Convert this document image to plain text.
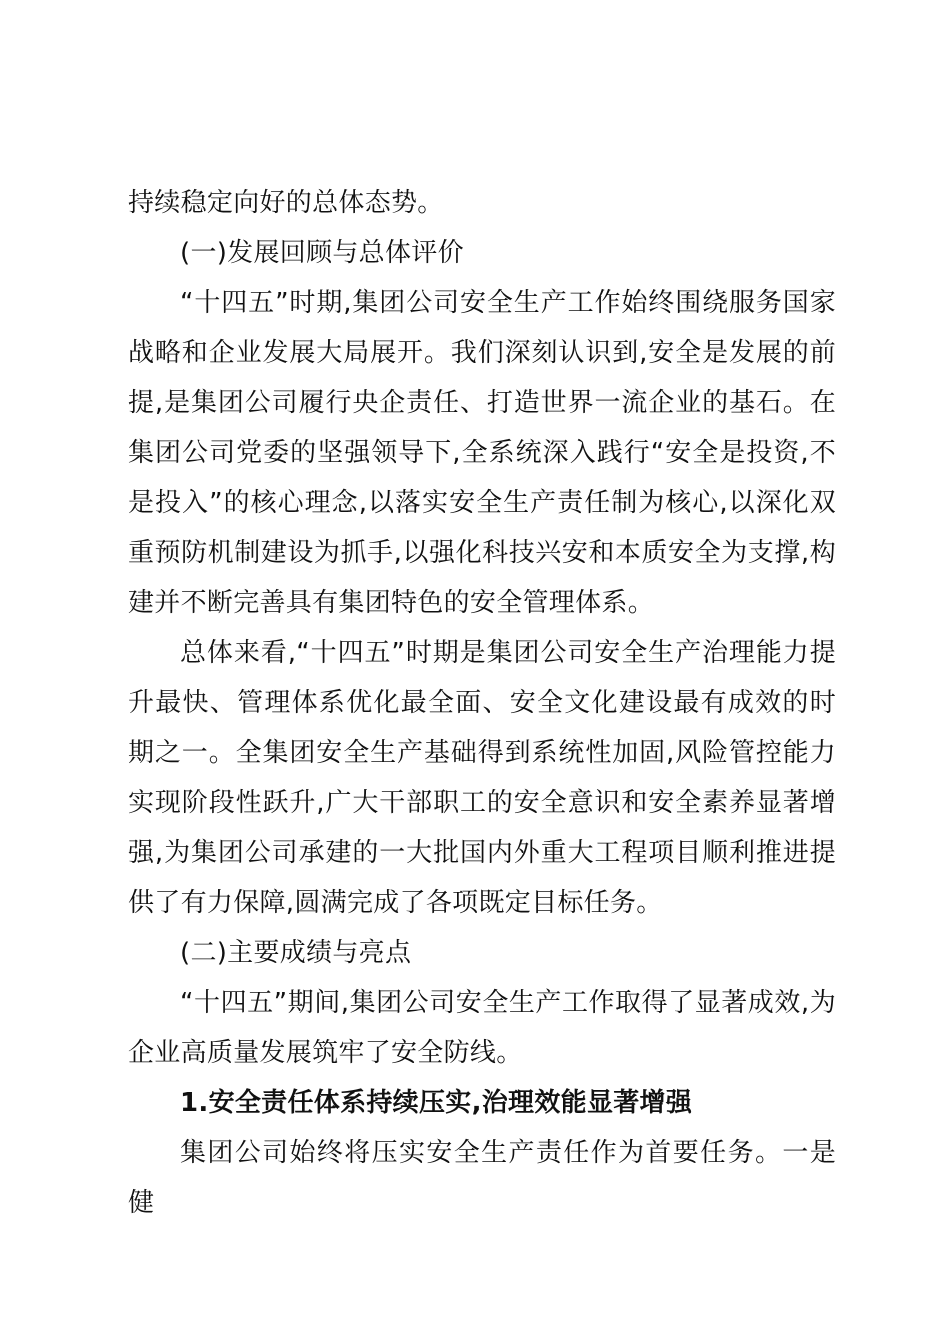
持续稳定向好的总体态势。

(一)发展回顾与总体评价

“十四五”时期,集团公司安全生产工作始终围绕服务国家战略和企业发展大局展开。我们深刻认识到,安全是发展的前提,是集团公司履行央企责任、打造世界一流企业的基石。在集团公司党委的坚强领导下,全系统深入践行“安全是投资,不是投入”的核心理念,以落实安全生产责任制为核心,以深化双重预防机制建设为抓手,以强化科技兴安和本质安全为支撑,构建并不断完善具有集团特色的安全管理体系。

总体来看,“十四五”时期是集团公司安全生产治理能力提升最快、管理体系优化最全面、安全文化建设最有成效的时期之一。全集团安全生产基础得到系统性加固,风险管控能力实现阶段性跃升,广大干部职工的安全意识和安全素养显著增强,为集团公司承建的一大批国内外重大工程项目顺利推进提供了有力保障,圆满完成了各项既定目标任务。

(二)主要成绩与亮点

“十四五”期间,集团公司安全生产工作取得了显著成效,为企业高质量发展筑牢了安全防线。

1.安全责任体系持续压实,治理效能显著增强

集团公司始终将压实安全生产责任作为首要任务。一是健
